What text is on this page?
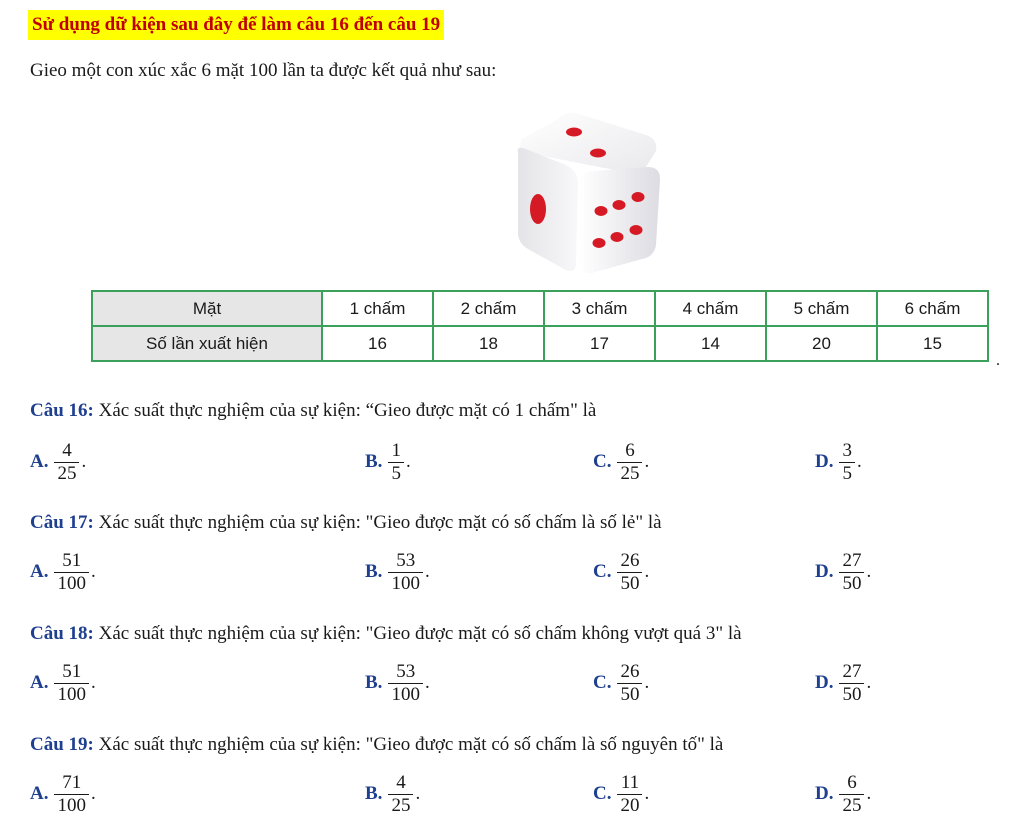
Sử dụng dữ kiện sau đây để làm câu 16 đến câu 19
Gieo một con xúc xắc 6 mặt 100 lần ta được kết quả như sau:
Mặt	1 chấm	2 chấm	3 chấm	4 chấm	5 chấm	6 chấm
Số lần xuất hiện	16	18	17	14	20	15
.
Câu 16: Xác suất thực nghiệm của sự kiện: “Gieo được mặt có 1 chấm" là
A. $\frac{4}{25}$ .	B. $\frac{1}{5}$ .	C. $\frac{6}{25}$ .	D. $\frac{3}{5}$ .
Câu 17: Xác suất thực nghiệm của sự kiện: "Gieo được mặt có số chấm là số lẻ" là
A. $\frac{51}{100}$ .	B. $\frac{53}{100}$ .	C. $\frac{26}{50}$ .	D. $\frac{27}{50}$ .
Câu 18: Xác suất thực nghiệm của sự kiện: "Gieo được mặt có số chấm không vượt quá 3" là
A. $\frac{51}{100}$ .	B. $\frac{53}{100}$ .	C. $\frac{26}{50}$ .	D. $\frac{27}{50}$ .
Câu 19: Xác suất thực nghiệm của sự kiện: "Gieo được mặt có số chấm là số nguyên tố" là
A. $\frac{71}{100}$ .	B. $\frac{4}{25}$ .	C. $\frac{11}{20}$ .	D. $\frac{6}{25}$ .
